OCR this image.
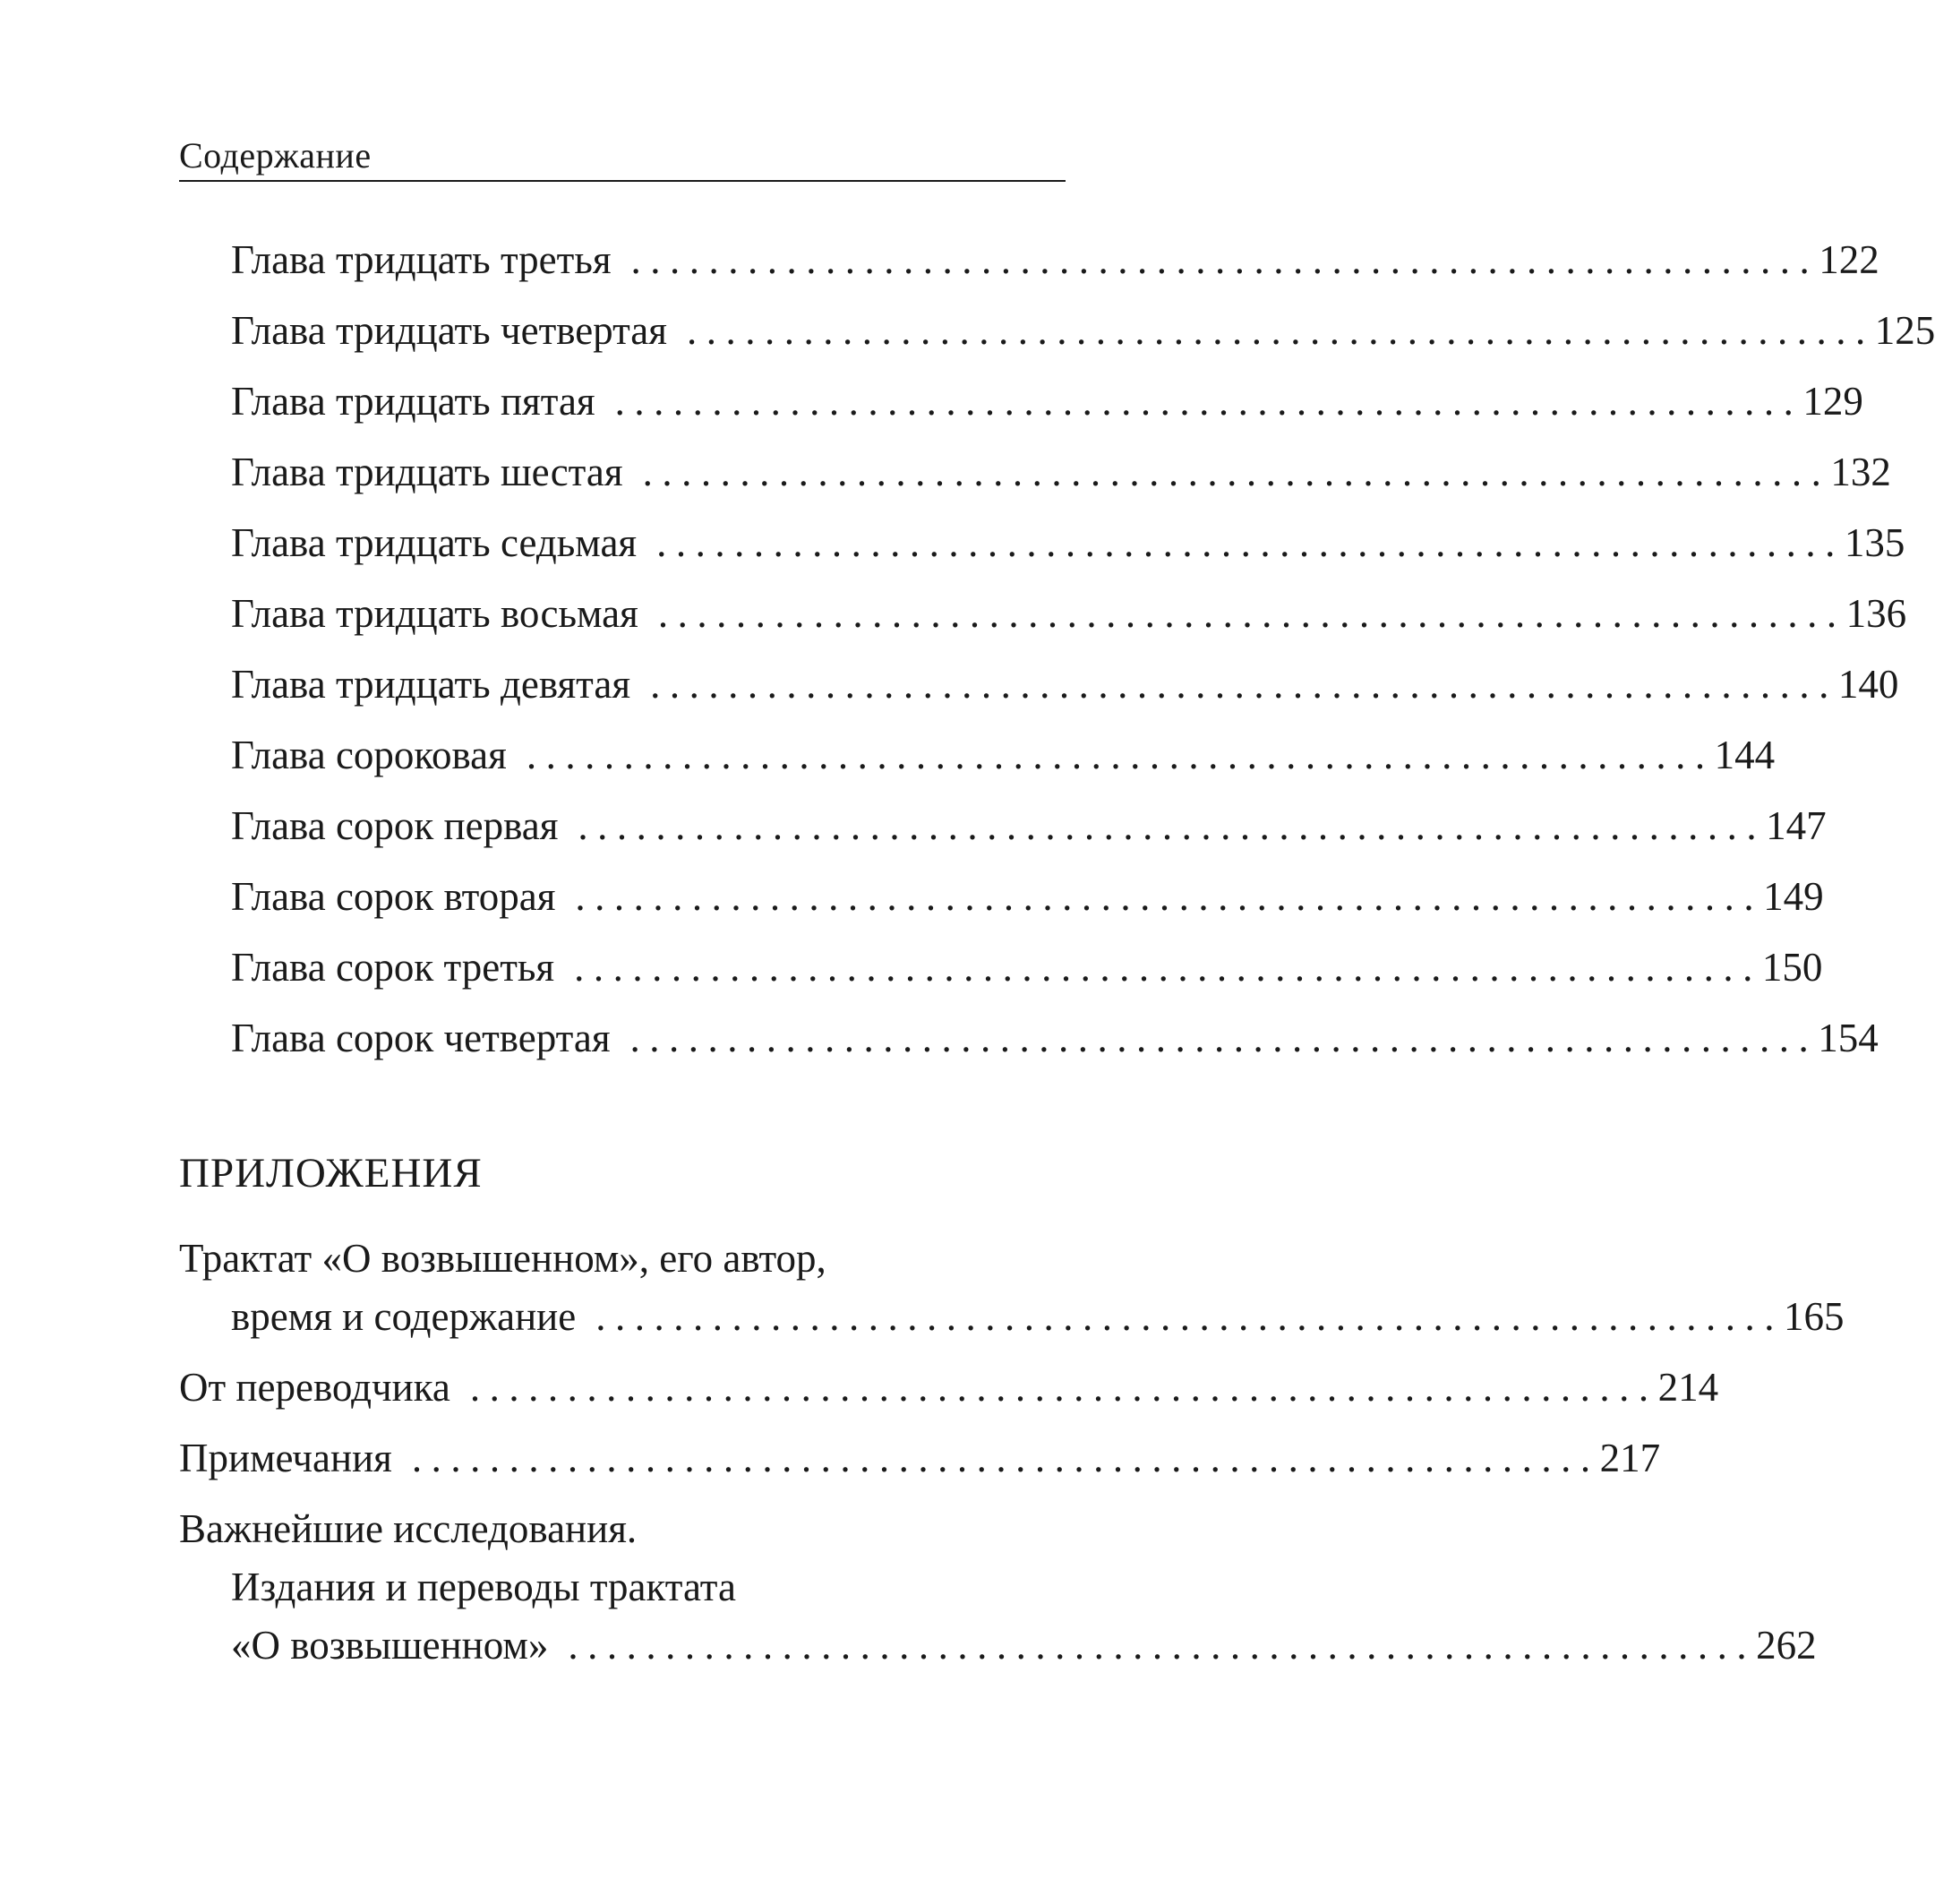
Содержание
Глава тридцать третья ............................................................. 122
Глава тридцать четвертая ............................................................. 125
Глава тридцать пятая ............................................................. 129
Глава тридцать шестая ............................................................. 132
Глава тридцать седьмая ............................................................. 135
Глава тридцать восьмая ............................................................. 136
Глава тридцать девятая ............................................................. 140
Глава сороковая ............................................................. 144
Глава сорок первая ............................................................. 147
Глава сорок вторая ............................................................. 149
Глава сорок третья ............................................................. 150
Глава сорок четвертая ............................................................. 154
ПРИЛОЖЕНИЯ
Трактат «О возвышенном», его автор,
время и содержание ............................................................. 165
От переводчика ............................................................. 214
Примечания ............................................................. 217
Важнейшие исследования.
Издания и переводы трактата
«О возвышенном» ............................................................. 262
